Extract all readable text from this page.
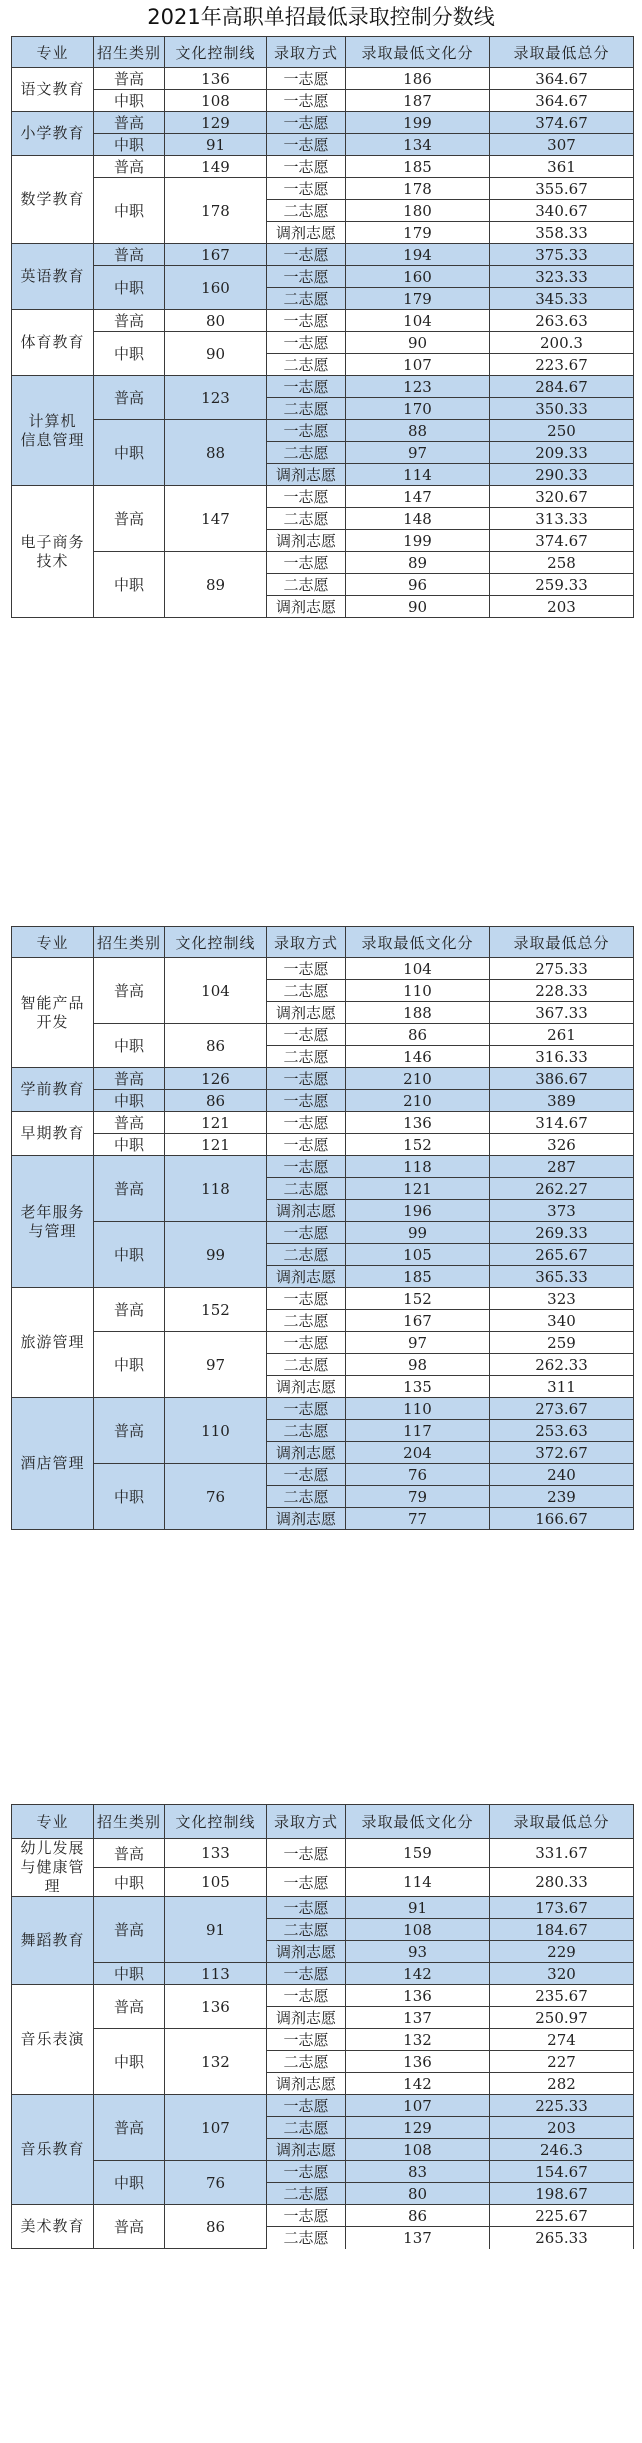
2021年高职单招最低录取控制分数线
专业	招生类别	文化控制线	录取方式	录取最低文化分	录取最低总分
语文教育	普高	136	一志愿	186	364.67
	中职	108	一志愿	187	364.67
小学教育	普高	129	一志愿	199	374.67
	中职	91	一志愿	134	307
数学教育	普高	149	一志愿	185	361
	中职	178	一志愿	178	355.67
			二志愿	180	340.67
			调剂志愿	179	358.33
英语教育	普高	167	一志愿	194	375.33
	中职	160	一志愿	160	323.33
			二志愿	179	345.33
体育教育	普高	80	一志愿	104	263.63
	中职	90	一志愿	90	200.3
			二志愿	107	223.67
计算机
信息管理	普高	123	一志愿	123	284.67
			二志愿	170	350.33
	中职	88	一志愿	88	250
			二志愿	97	209.33
			调剂志愿	114	290.33
电子商务
技术	普高	147	一志愿	147	320.67
			二志愿	148	313.33
			调剂志愿	199	374.67
	中职	89	一志愿	89	258
			二志愿	96	259.33
			调剂志愿	90	203
专业	招生类别	文化控制线	录取方式	录取最低文化分	录取最低总分
智能产品
开发	普高	104	一志愿	104	275.33
			二志愿	110	228.33
			调剂志愿	188	367.33
	中职	86	一志愿	86	261
			二志愿	146	316.33
学前教育	普高	126	一志愿	210	386.67
	中职	86	一志愿	210	389
早期教育	普高	121	一志愿	136	314.67
	中职	121	一志愿	152	326
老年服务
与管理	普高	118	一志愿	118	287
			二志愿	121	262.27
			调剂志愿	196	373
	中职	99	一志愿	99	269.33
			二志愿	105	265.67
			调剂志愿	185	365.33
旅游管理	普高	152	一志愿	152	323
			二志愿	167	340
	中职	97	一志愿	97	259
			二志愿	98	262.33
			调剂志愿	135	311
酒店管理	普高	110	一志愿	110	273.67
			二志愿	117	253.63
			调剂志愿	204	372.67
	中职	76	一志愿	76	240
			二志愿	79	239
			调剂志愿	77	166.67
专业	招生类别	文化控制线	录取方式	录取最低文化分	录取最低总分
幼儿发展
与健康管
理	普高	133	一志愿	159	331.67
	中职	105	一志愿	114	280.33
舞蹈教育	普高	91	一志愿	91	173.67
			二志愿	108	184.67
			调剂志愿	93	229
	中职	113	一志愿	142	320
音乐表演	普高	136	一志愿	136	235.67
			调剂志愿	137	250.97
	中职	132	一志愿	132	274
			二志愿	136	227
			调剂志愿	142	282
音乐教育	普高	107	一志愿	107	225.33
			二志愿	129	203
			调剂志愿	108	246.3
	中职	76	一志愿	83	154.67
			二志愿	80	198.67
美术教育	普高	86	一志愿	86	225.67
			二志愿	137	265.33
